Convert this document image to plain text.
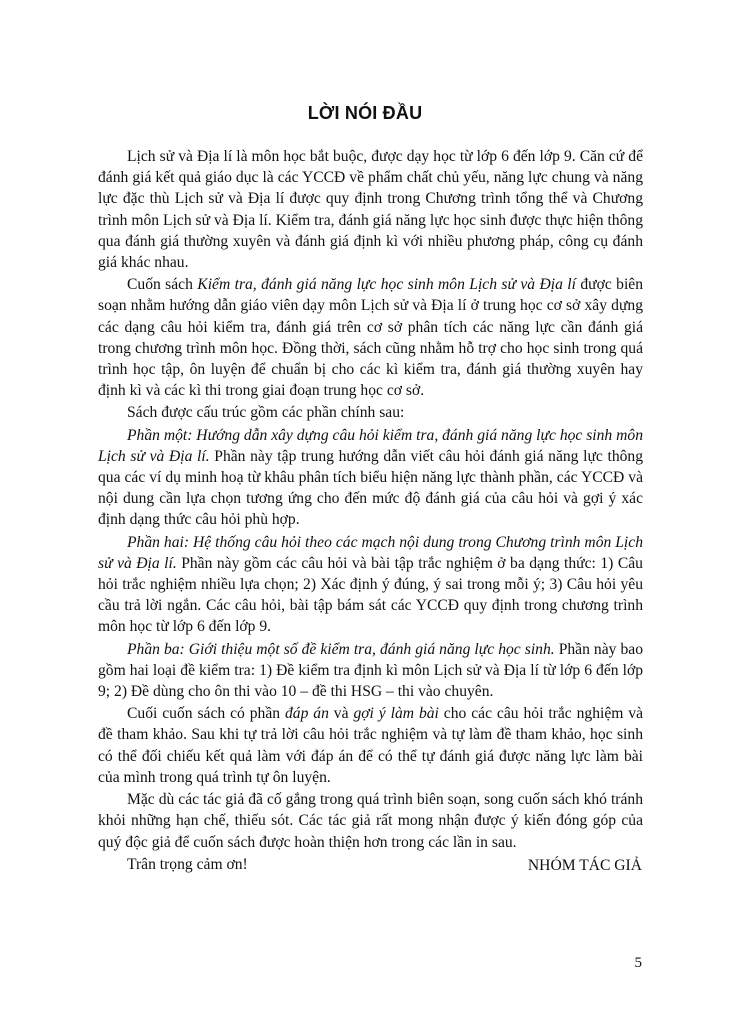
LỜI NÓI ĐẦU

Lịch sử và Địa lí là môn học bắt buộc, được dạy học từ lớp 6 đến lớp 9. Căn cứ để đánh giá kết quả giáo dục là các YCCĐ về phẩm chất chủ yếu, năng lực chung và năng lực đặc thù Lịch sử và Địa lí được quy định trong Chương trình tổng thể và Chương trình môn Lịch sử và Địa lí. Kiểm tra, đánh giá năng lực học sinh được thực hiện thông qua đánh giá thường xuyên và đánh giá định kì với nhiều phương pháp, công cụ đánh giá khác nhau.

Cuốn sách Kiểm tra, đánh giá năng lực học sinh môn Lịch sử và Địa lí được biên soạn nhằm hướng dẫn giáo viên dạy môn Lịch sử và Địa lí ở trung học cơ sở xây dựng các dạng câu hỏi kiểm tra, đánh giá trên cơ sở phân tích các năng lực cần đánh giá trong chương trình môn học. Đồng thời, sách cũng nhằm hỗ trợ cho học sinh trong quá trình học tập, ôn luyện để chuẩn bị cho các kì kiểm tra, đánh giá thường xuyên hay định kì và các kì thi trong giai đoạn trung học cơ sở.

Sách được cấu trúc gồm các phần chính sau:

Phần một: Hướng dẫn xây dựng câu hỏi kiểm tra, đánh giá năng lực học sinh môn Lịch sử và Địa lí. Phần này tập trung hướng dẫn viết câu hỏi đánh giá năng lực thông qua các ví dụ minh hoạ từ khâu phân tích biểu hiện năng lực thành phần, các YCCĐ và nội dung cần lựa chọn tương ứng cho đến mức độ đánh giá của câu hỏi và gợi ý xác định dạng thức câu hỏi phù hợp.

Phần hai: Hệ thống câu hỏi theo các mạch nội dung trong Chương trình môn Lịch sử và Địa lí. Phần này gồm các câu hỏi và bài tập trắc nghiệm ở ba dạng thức: 1) Câu hỏi trắc nghiệm nhiều lựa chọn; 2) Xác định ý đúng, ý sai trong mỗi ý; 3) Câu hỏi yêu cầu trả lời ngắn. Các câu hỏi, bài tập bám sát các YCCĐ quy định trong chương trình môn học từ lớp 6 đến lớp 9.

Phần ba: Giới thiệu một số đề kiểm tra, đánh giá năng lực học sinh. Phần này bao gồm hai loại đề kiểm tra: 1) Đề kiểm tra định kì môn Lịch sử và Địa lí từ lớp 6 đến lớp 9; 2) Đề dùng cho ôn thi vào 10 – đề thi HSG – thi vào chuyên.

Cuối cuốn sách có phần đáp án và gợi ý làm bài cho các câu hỏi trắc nghiệm và đề tham khảo. Sau khi tự trả lời câu hỏi trắc nghiệm và tự làm đề tham khảo, học sinh có thể đối chiếu kết quả làm với đáp án để có thể tự đánh giá được năng lực làm bài của mình trong quá trình tự ôn luyện.

Mặc dù các tác giả đã cố gắng trong quá trình biên soạn, song cuốn sách khó tránh khỏi những hạn chế, thiếu sót. Các tác giả rất mong nhận được ý kiến đóng góp của quý độc giả để cuốn sách được hoàn thiện hơn trong các lần in sau.

Trân trọng cảm ơn!	NHÓM TÁC GIẢ

5
